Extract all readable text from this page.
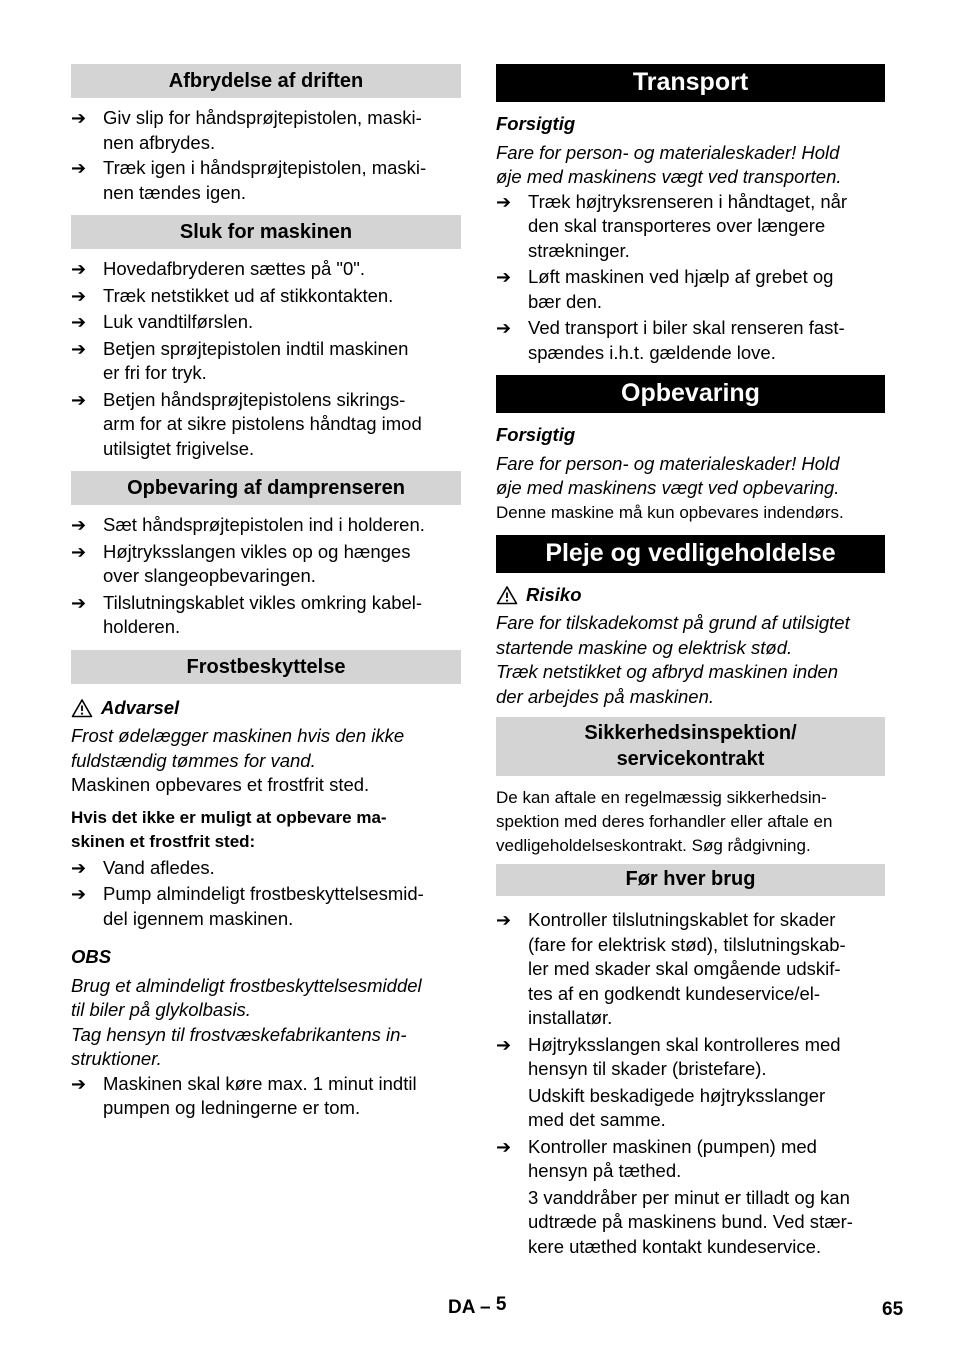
Afbrydelse af driften
➔ Giv slip for håndsprøjtepistolen, maski-
nen afbrydes.
➔ Træk igen i håndsprøjtepistolen, maski-
nen tændes igen.
Sluk for maskinen
➔ Hovedafbryderen sættes på "0".
➔ Træk netstikket ud af stikkontakten.
➔ Luk vandtilførslen.
➔ Betjen sprøjtepistolen indtil maskinen
er fri for tryk.
➔ Betjen håndsprøjtepistolens sikrings-
arm for at sikre pistolens håndtag imod
utilsigtet frigivelse.
Opbevaring af damprenseren
➔ Sæt håndsprøjtepistolen ind i holderen.
➔ Højtryksslangen vikles op og hænges
over slangeopbevaringen.
➔ Tilslutningskablet vikles omkring kabel-
holderen.
Frostbeskyttelse
Advarsel
Frost ødelægger maskinen hvis den ikke
fuldstændig tømmes for vand.
Maskinen opbevares et frostfrit sted.
Hvis det ikke er muligt at opbevare ma-
skinen et frostfrit sted:
➔ Vand afledes.
➔ Pump almindeligt frostbeskyttelsesmid-
del igennem maskinen.
OBS
Brug et almindeligt frostbeskyttelsesmiddel
til biler på glykolbasis.
Tag hensyn til frostvæskefabrikantens in-
struktioner.
➔ Maskinen skal køre max. 1 minut indtil
pumpen og ledningerne er tom.
Transport
Forsigtig
Fare for person- og materialeskader! Hold
øje med maskinens vægt ved transporten.
➔ Træk højtryksrenseren i håndtaget, når
den skal transporteres over længere
strækninger.
➔ Løft maskinen ved hjælp af grebet og
bær den.
➔ Ved transport i biler skal renseren fast-
spændes i.h.t. gældende love.
Opbevaring
Forsigtig
Fare for person- og materialeskader! Hold
øje med maskinens vægt ved opbevaring.
Denne maskine må kun opbevares indendørs.
Pleje og vedligeholdelse
Risiko
Fare for tilskadekomst på grund af utilsigtet
startende maskine og elektrisk stød.
Træk netstikket og afbryd maskinen inden
der arbejdes på maskinen.
Sikkerhedsinspektion/
servicekontrakt
De kan aftale en regelmæssig sikkerhedsin-
spektion med deres forhandler eller aftale en
vedligeholdelseskontrakt. Søg rådgivning.
Før hver brug
➔ Kontroller tilslutningskablet for skader
(fare for elektrisk stød), tilslutningskab-
ler med skader skal omgående udskif-
tes af en godkendt kundeservice/el-
installatør.
➔ Højtryksslangen skal kontrolleres med
hensyn til skader (bristefare).
Udskift beskadigede højtryksslanger
med det samme.
➔ Kontroller maskinen (pumpen) med
hensyn på tæthed.
3 vanddråber per minut er tilladt og kan
udtræde på maskinens bund. Ved stær-
kere utæthed kontakt kundeservice.
DA – 5	65
